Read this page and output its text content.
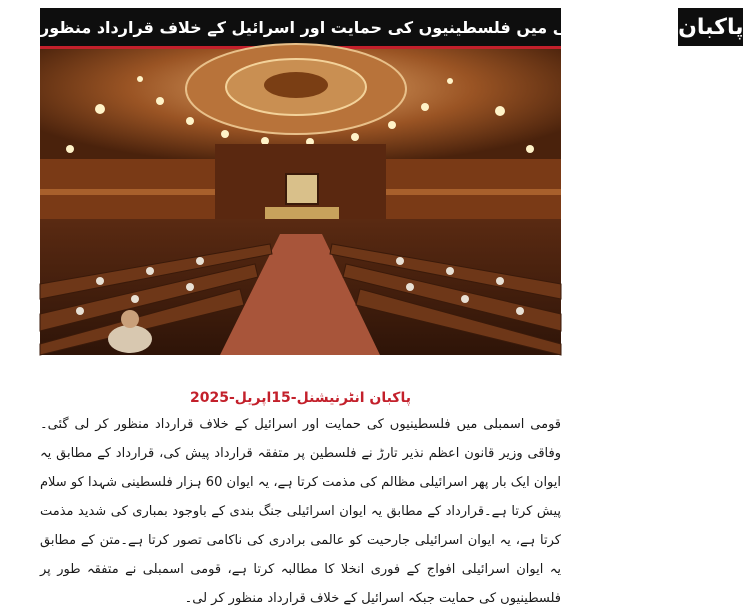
قومی اسمبلی میں فلسطینیوں کی حمایت اور اسرائیل کے خلاف قرارداد منظور پاکبان
پاکبان انٹرنیشنل-15اپریل-2025
قومی اسمبلی میں فلسطینیوں کی حمایت اور اسرائیل کے خلاف قرارداد منظور کر لی گئی۔وفاقی وزیر قانون اعظم نذیر تارڑ نے فلسطین پر متفقہ قرارداد پیش کی، قرارداد کے مطابق یہ ایوان ایک بار پھر اسرائیلی مظالم کی مذمت کرتا ہے، یہ ایوان 60 ہزار فلسطینی شہدا کو سلام پیش کرتا ہے۔قرارداد کے مطابق یہ ایوان اسرائیلی جنگ بندی کے باوجود بمباری کی شدید مذمت کرتا ہے، یہ ایوان اسرائیلی جارحیت کو عالمی برادری کی ناکامی تصور کرتا ہے۔متن کے مطابق یہ ایوان اسرائیلی افواج کے فوری انخلا کا مطالبہ کرتا ہے، قومی اسمبلی نے متفقہ طور پر فلسطینیوں کی حمایت جبکہ اسرائیل کے خلاف قرارداد منظور کر لی۔
